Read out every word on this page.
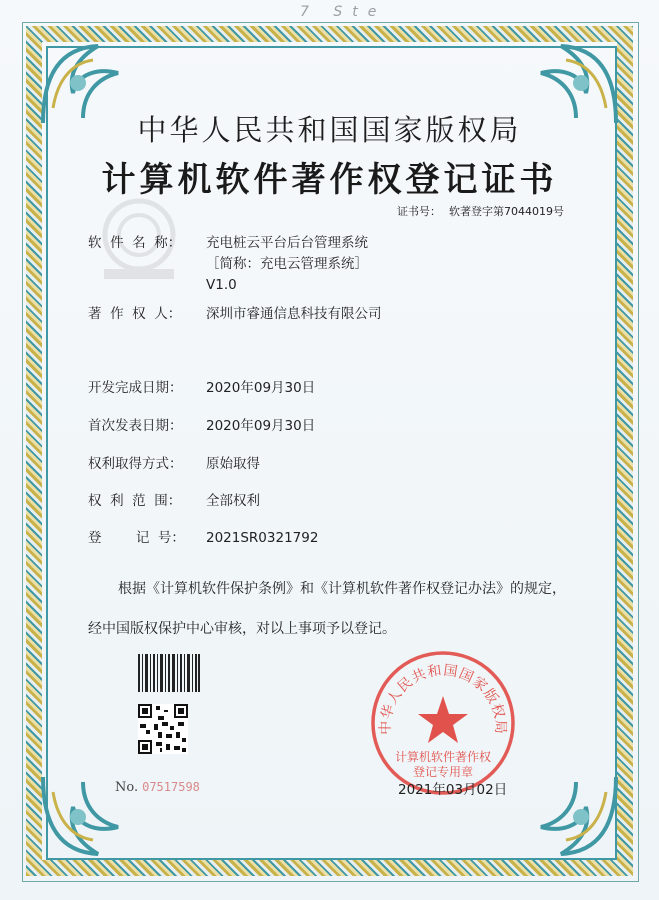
7 Ste
中华人民共和国国家版权局
计算机软件著作权登记证书
证书号： 软著登字第7044019号
软  件  名  称：	充电桩云平台后台管理系统
［简称：充电云管理系统］
V1.0
著  作  权  人：	深圳市睿通信息科技有限公司
开发完成日期：	2020年09月30日
首次发表日期：	2020年09月30日
权利取得方式：	原始取得
权  利  范  围：	全部权利
登        记  号：	2021SR0321792
根据《计算机软件保护条例》和《计算机软件著作权登记办法》的规定，经中国版权保护中心审核，对以上事项予以登记。
No. 07517598
中华人民共和国国家版权局
计算机软件著作权
登记专用章
2021年03月02日
